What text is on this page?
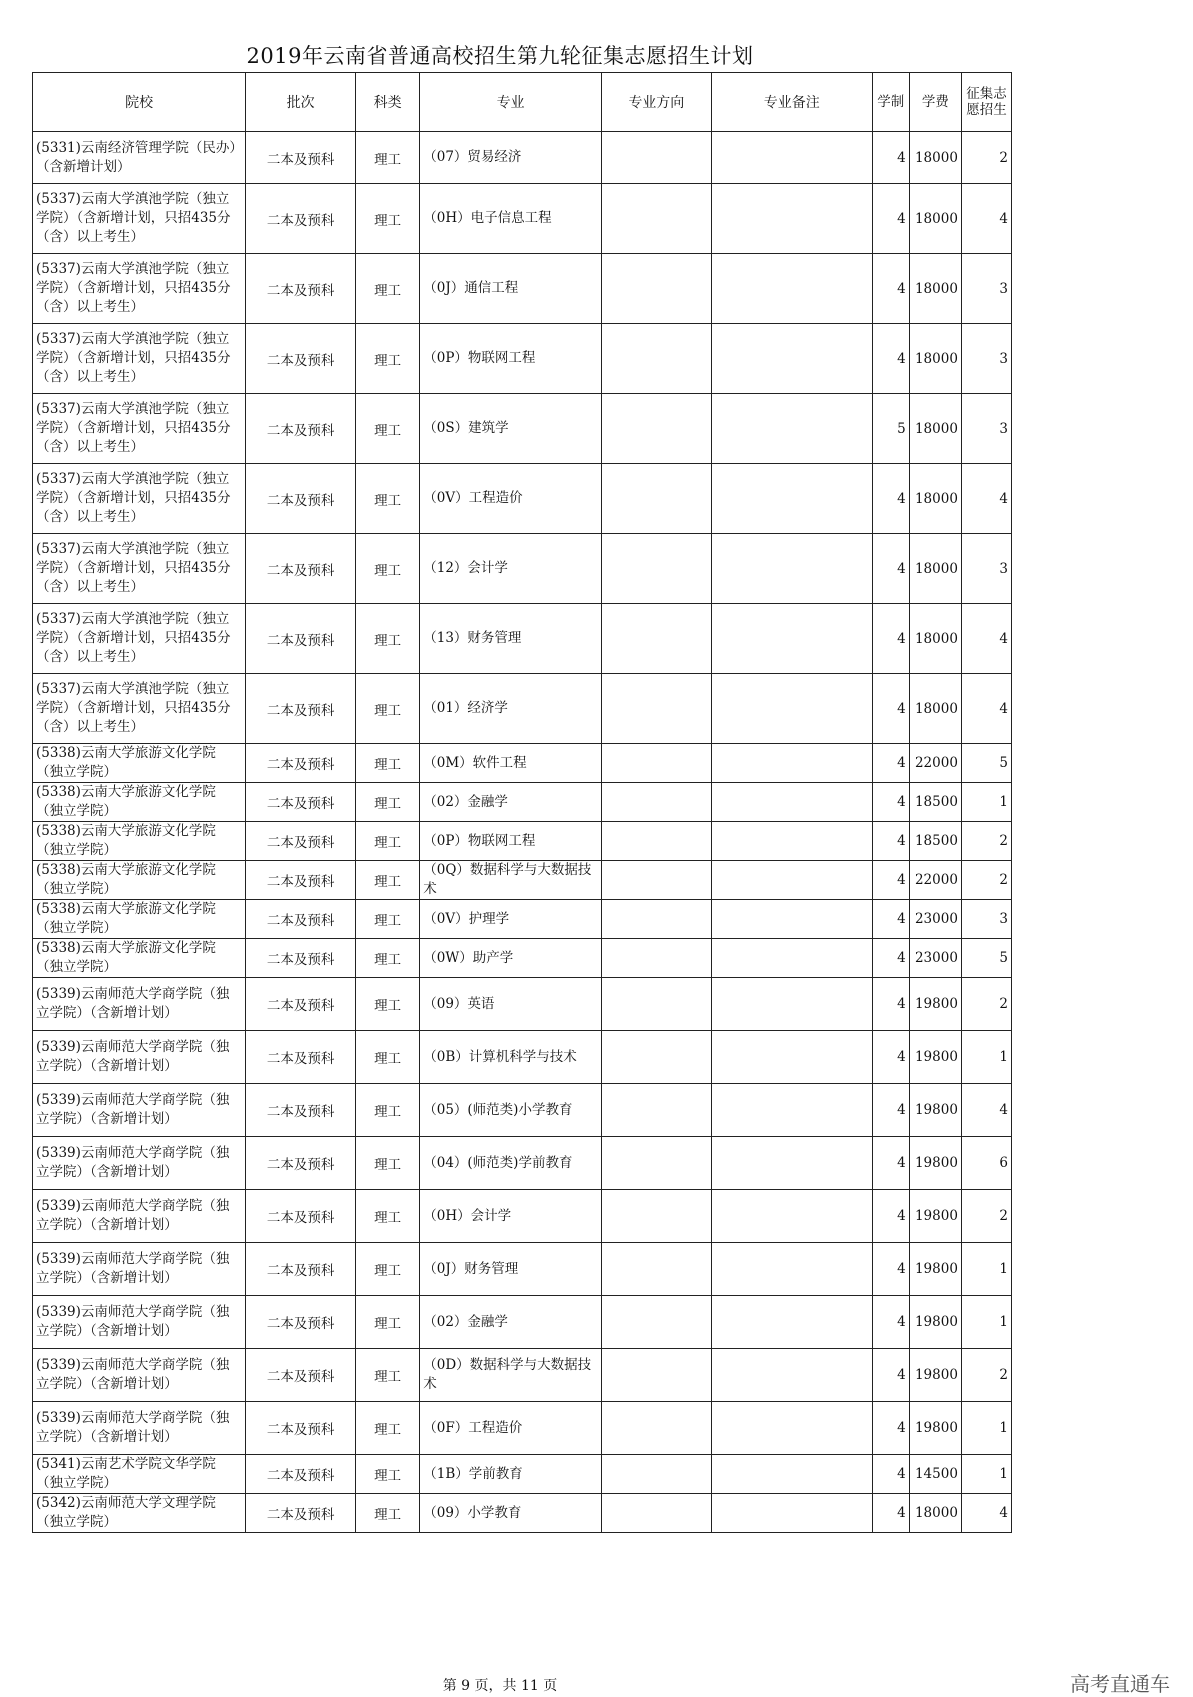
2019年云南省普通高校招生第九轮征集志愿招生计划
院校	批次	科类	专业	专业方向	专业备注	学制	学费	征集志愿招生
(5331)云南经济管理学院（民办）（含新增计划）	二本及预科	理工	（07）贸易经济			4	18000	2
(5337)云南大学滇池学院（独立学院）（含新增计划，只招435分（含）以上考生）	二本及预科	理工	（0H）电子信息工程			4	18000	4
(5337)云南大学滇池学院（独立学院）（含新增计划，只招435分（含）以上考生）	二本及预科	理工	（0J）通信工程			4	18000	3
(5337)云南大学滇池学院（独立学院）（含新增计划，只招435分（含）以上考生）	二本及预科	理工	（0P）物联网工程			4	18000	3
(5337)云南大学滇池学院（独立学院）（含新增计划，只招435分（含）以上考生）	二本及预科	理工	（0S）建筑学			5	18000	3
(5337)云南大学滇池学院（独立学院）（含新增计划，只招435分（含）以上考生）	二本及预科	理工	（0V）工程造价			4	18000	4
(5337)云南大学滇池学院（独立学院）（含新增计划，只招435分（含）以上考生）	二本及预科	理工	（12）会计学			4	18000	3
(5337)云南大学滇池学院（独立学院）（含新增计划，只招435分（含）以上考生）	二本及预科	理工	（13）财务管理			4	18000	4
(5337)云南大学滇池学院（独立学院）（含新增计划，只招435分（含）以上考生）	二本及预科	理工	（01）经济学			4	18000	4
(5338)云南大学旅游文化学院（独立学院）	二本及预科	理工	（0M）软件工程			4	22000	5
(5338)云南大学旅游文化学院（独立学院）	二本及预科	理工	（02）金融学			4	18500	1
(5338)云南大学旅游文化学院（独立学院）	二本及预科	理工	（0P）物联网工程			4	18500	2
(5338)云南大学旅游文化学院（独立学院）	二本及预科	理工	（0Q）数据科学与大数据技术			4	22000	2
(5338)云南大学旅游文化学院（独立学院）	二本及预科	理工	（0V）护理学			4	23000	3
(5338)云南大学旅游文化学院（独立学院）	二本及预科	理工	（0W）助产学			4	23000	5
(5339)云南师范大学商学院（独立学院）（含新增计划）	二本及预科	理工	（09）英语			4	19800	2
(5339)云南师范大学商学院（独立学院）（含新增计划）	二本及预科	理工	（0B）计算机科学与技术			4	19800	1
(5339)云南师范大学商学院（独立学院）（含新增计划）	二本及预科	理工	（05）(师范类)小学教育			4	19800	4
(5339)云南师范大学商学院（独立学院）（含新增计划）	二本及预科	理工	（04）(师范类)学前教育			4	19800	6
(5339)云南师范大学商学院（独立学院）（含新增计划）	二本及预科	理工	（0H）会计学			4	19800	2
(5339)云南师范大学商学院（独立学院）（含新增计划）	二本及预科	理工	（0J）财务管理			4	19800	1
(5339)云南师范大学商学院（独立学院）（含新增计划）	二本及预科	理工	（02）金融学			4	19800	1
(5339)云南师范大学商学院（独立学院）（含新增计划）	二本及预科	理工	（0D）数据科学与大数据技术			4	19800	2
(5339)云南师范大学商学院（独立学院）（含新增计划）	二本及预科	理工	（0F）工程造价			4	19800	1
(5341)云南艺术学院文华学院（独立学院）	二本及预科	理工	（1B）学前教育			4	14500	1
(5342)云南师范大学文理学院（独立学院）	二本及预科	理工	（09）小学教育			4	18000	4
第 9 页，共 11 页	高考直通车
